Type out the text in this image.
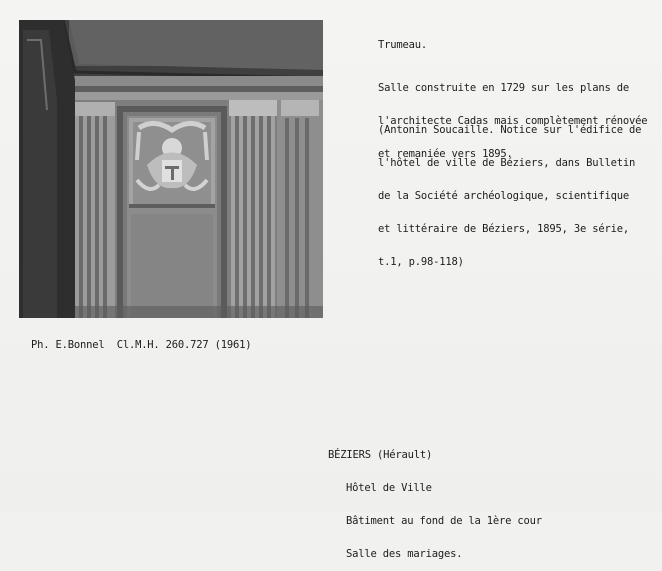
Trumeau.

Salle construite en 1729 sur les plans de

l'architecte Cadas mais complètement rénovée

et remaniée vers 1895.

(Antonin Soucaille. Notice sur l'édifice de

l'hôtel de ville de Béziers, dans Bulletin

de la Société archéologique, scientifique

et littéraire de Béziers, 1895, 3e série,

t.1, p.98-118)

Ph. E.Bonnel  Cl.M.H. 260.727 (1961)

BÉZIERS (Hérault)

Hôtel de Ville

Bâtiment au fond de la 1ère cour

Salle des mariages.
